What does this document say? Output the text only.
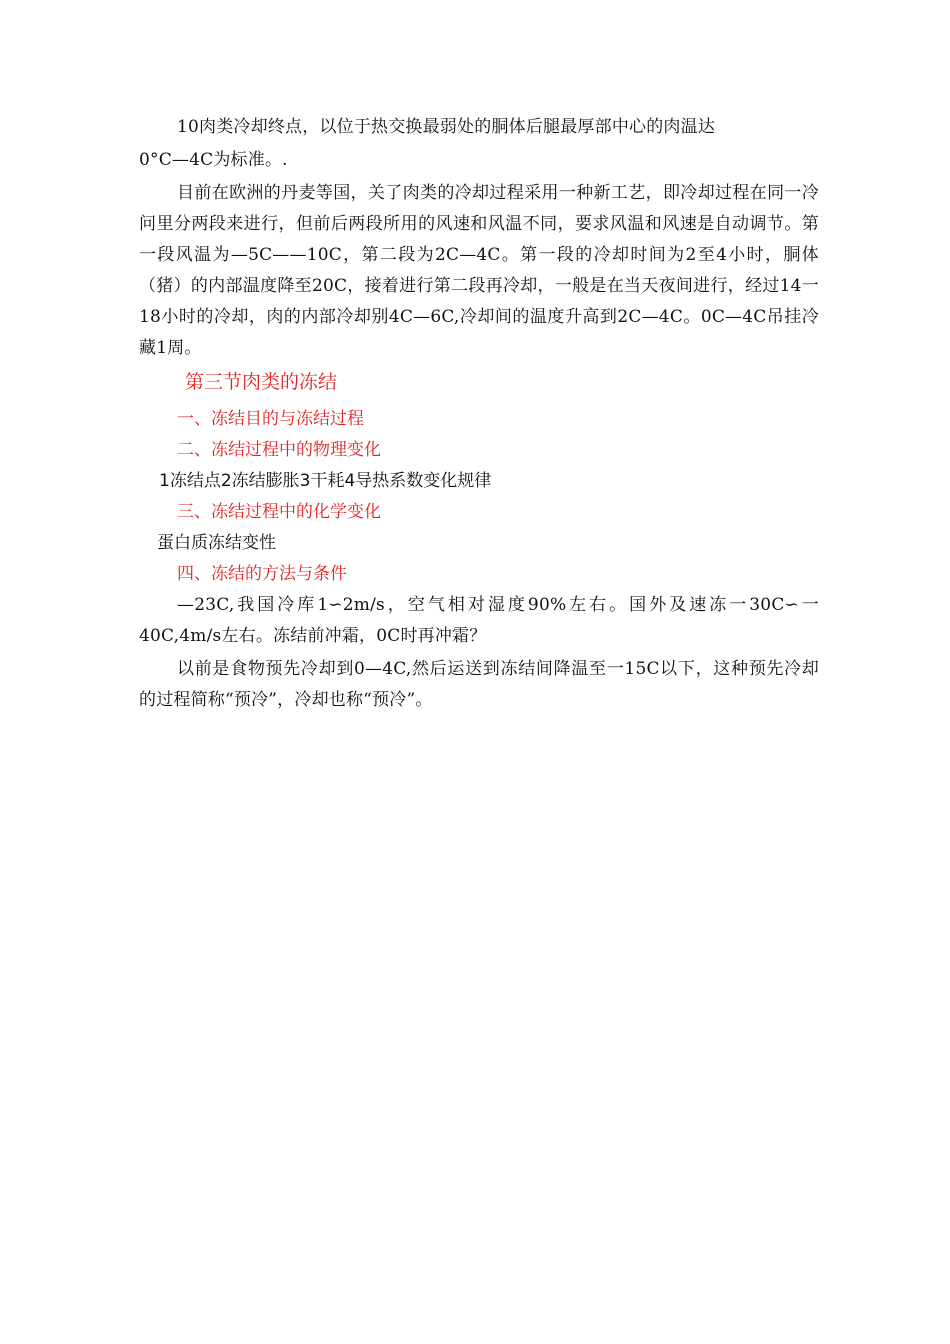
10肉类冷却终点，以位于热交换最弱处的胴体后腿最厚部中心的肉温达

0°C—4C为标准。.

目前在欧洲的丹麦等国，关了肉类的冷却过程采用一种新工艺，即冷却过程在同一冷问里分两段来进行，但前后两段所用的风速和风温不同，要求风温和风速是自动调节。第一段风温为—5C——10C，第二段为2C—4C。第一段的冷却时间为2至4小时，胴体（猪）的内部温度降至20C，接着进行第二段再冷却，一般是在当天夜间进行，经过14一18小时的冷却，肉的内部冷却别4C—6C,冷却间的温度升高到2C—4C。0C—4C吊挂冷藏1周。

第三节肉类的冻结
一、冻结目的与冻结过程
二、冻结过程中的物理变化
1冻结点2冻结膨胀3干耗4导热系数变化规律
三、冻结过程中的化学变化
蛋白质冻结变性
四、冻结的方法与条件

—23C,我国冷库1∽2m/s，空气相对湿度90%左右。国外及速冻一30C∽一40C,4m/s左右。冻结前冲霜，0C时再冲霜？

以前是食物预先冷却到0—4C,然后运送到冻结间降温至一15C以下，这种预先冷却的过程简称“预冷”，冷却也称“预冷”。
